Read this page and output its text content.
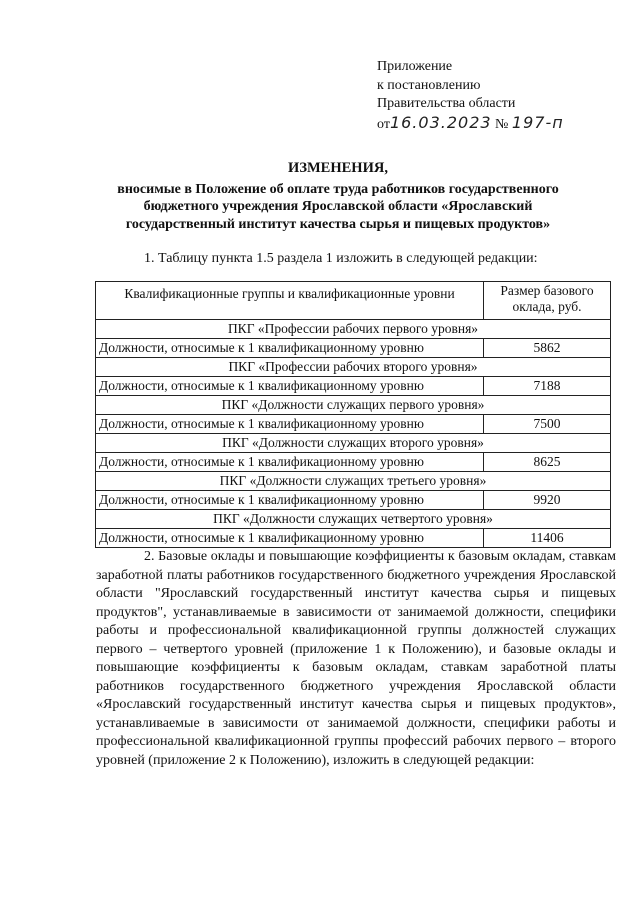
Приложение
к постановлению
Правительства области
от16.03.2023 № 197-п
ИЗМЕНЕНИЯ,
вносимые в Положение об оплате труда работников государственного
бюджетного учреждения Ярославской области «Ярославский
государственный институт качества сырья и пищевых продуктов»
1. Таблицу пункта 1.5 раздела 1 изложить в следующей редакции:
Квалификационные группы и квалификационные уровни	Размер базового оклада, руб.
ПКГ «Профессии рабочих первого уровня»	
Должности, относимые к 1 квалификационному уровню	5862
ПКГ «Профессии рабочих второго уровня»	
Должности, относимые к 1 квалификационному уровню	7188
ПКГ «Должности служащих первого уровня»	
Должности, относимые к 1 квалификационному уровню	7500
ПКГ «Должности служащих второго уровня»	
Должности, относимые к 1 квалификационному уровню	8625
ПКГ «Должности служащих третьего уровня»	
Должности, относимые к 1 квалификационному уровню	9920
ПКГ «Должности служащих четвертого уровня»	
Должности, относимые к 1 квалификационному уровню	11406
2. Базовые оклады и повышающие коэффициенты к базовым окладам, ставкам заработной платы работников государственного бюджетного учреждения Ярославской области "Ярославский государственный институт качества сырья и пищевых продуктов", устанавливаемые в зависимости от занимаемой должности, специфики работы и профессиональной квалификационной группы должностей служащих первого – четвертого уровней (приложение 1 к Положению), и базовые оклады и повышающие коэффициенты к базовым окладам, ставкам заработной платы работников государственного бюджетного учреждения Ярославской области «Ярославский государственный институт качества сырья и пищевых продуктов», устанавливаемые в зависимости от занимаемой должности, специфики работы и профессиональной квалификационной группы профессий рабочих первого – второго уровней (приложение 2 к Положению), изложить в следующей редакции:
